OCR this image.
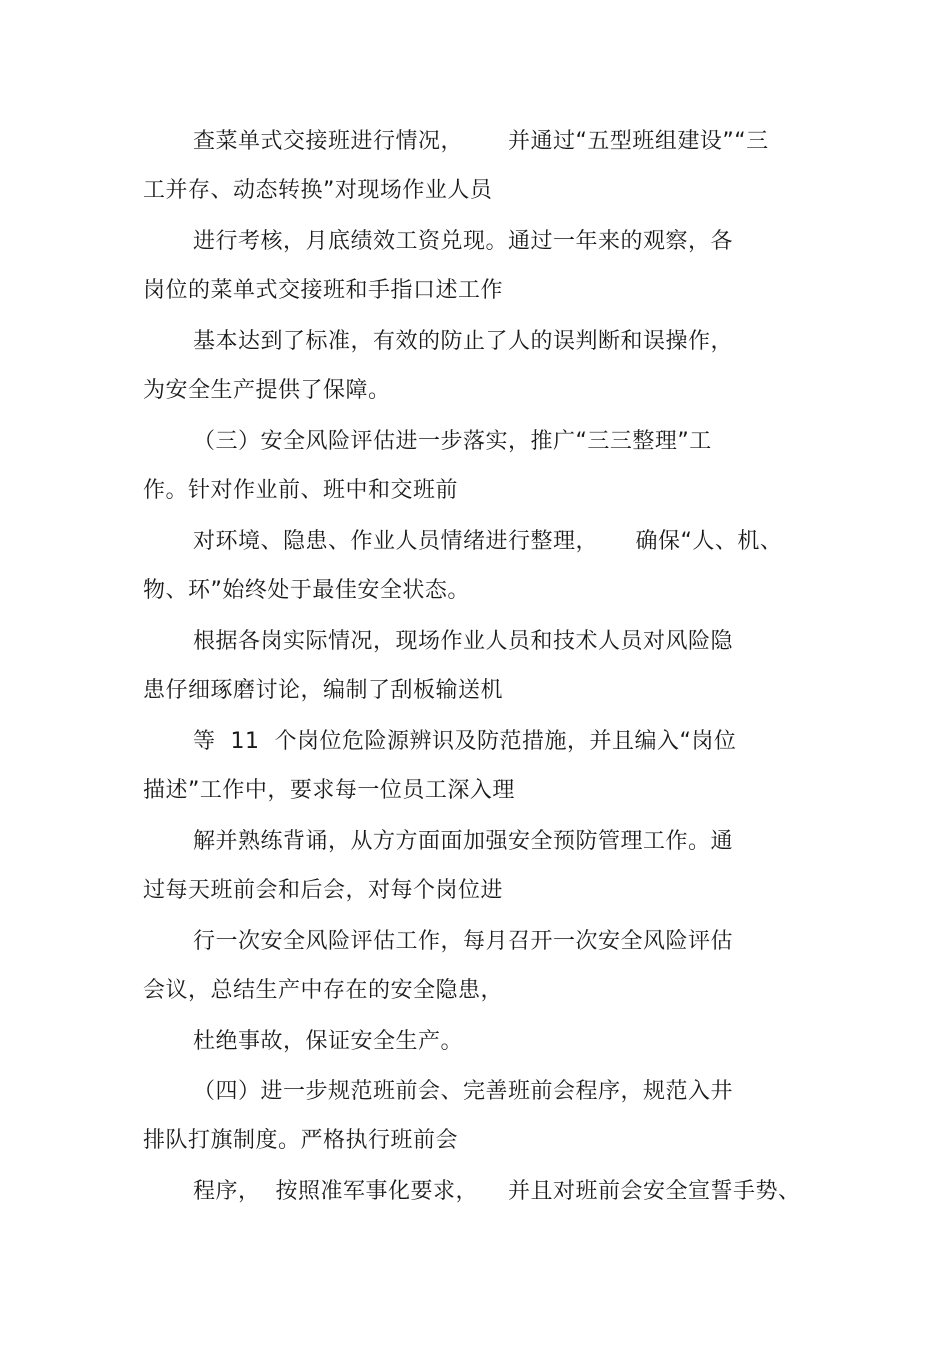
查菜单式交接班进行情况，      并通过“五型班组建设”“三
工并存、动态转换”对现场作业人员
进行考核，月底绩效工资兑现。通过一年来的观察，各
岗位的菜单式交接班和手指口述工作
基本达到了标准，有效的防止了人的误判断和误操作，
为安全生产提供了保障。
（三）安全风险评估进一步落实，推广“三三整理”工
作。针对作业前、班中和交班前
对环境、隐患、作业人员情绪进行整理，     确保“人、机、
物、环”始终处于最佳安全状态。
根据各岗实际情况，现场作业人员和技术人员对风险隐
患仔细琢磨讨论，编制了刮板输送机
等  11  个岗位危险源辨识及防范措施，并且编入“岗位
描述”工作中，要求每一位员工深入理
解并熟练背诵，从方方面面加强安全预防管理工作。通
过每天班前会和后会，对每个岗位进
行一次安全风险评估工作，每月召开一次安全风险评估
会议，总结生产中存在的安全隐患，
杜绝事故，保证安全生产。
（四）进一步规范班前会、完善班前会程序，规范入井
排队打旗制度。严格执行班前会
程序，  按照准军事化要求，    并且对班前会安全宣誓手势、
